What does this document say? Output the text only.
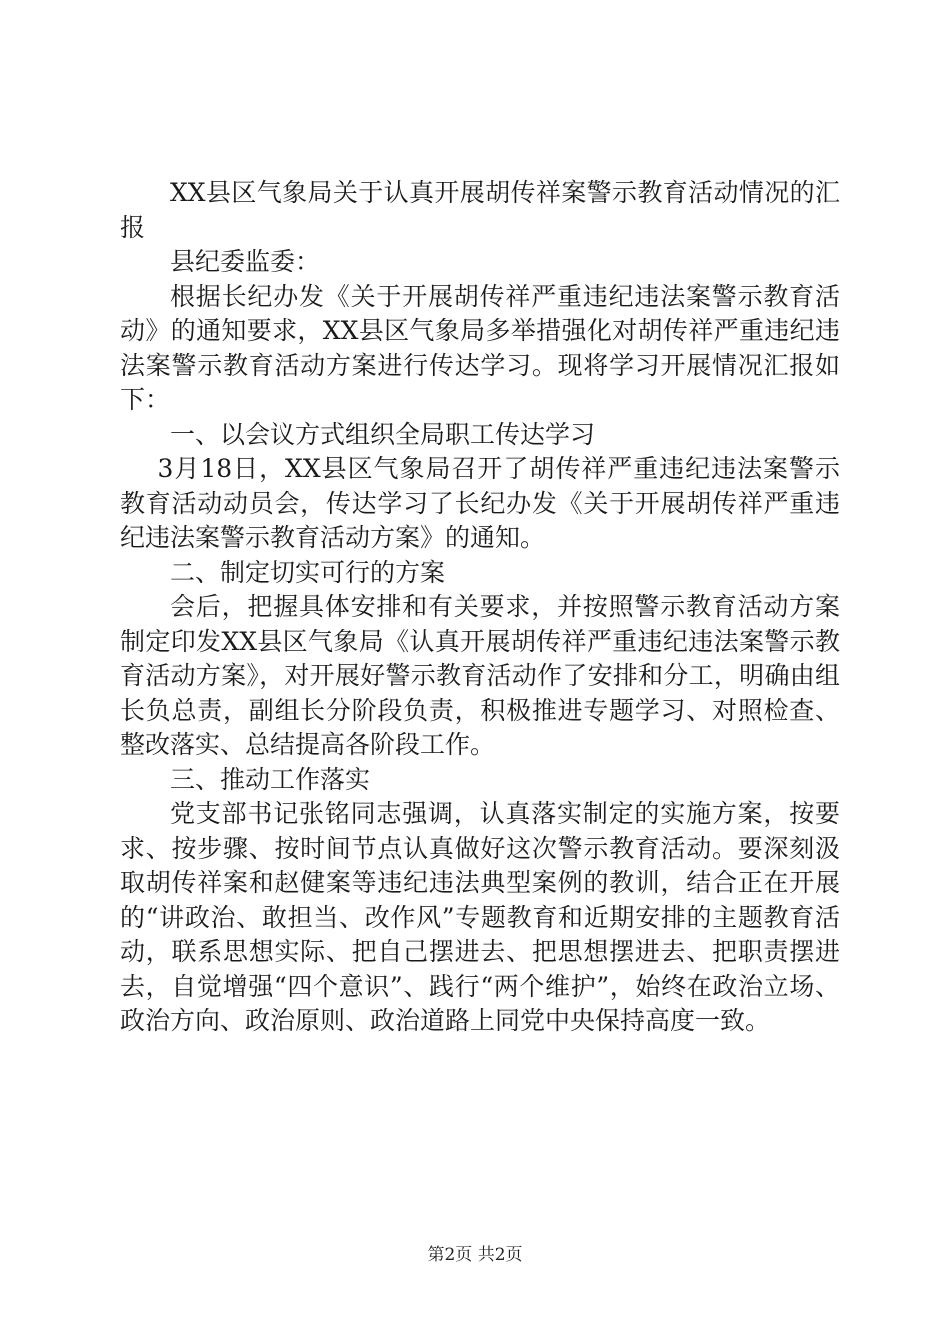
XX县区气象局关于认真开展胡传祥案警示教育活动情况的汇报

县纪委监委：

根据长纪办发《关于开展胡传祥严重违纪违法案警示教育活动》的通知要求，XX县区气象局多举措强化对胡传祥严重违纪违法案警示教育活动方案进行传达学习。现将学习开展情况汇报如下：

一、以会议方式组织全局职工传达学习

3月18日，XX县区气象局召开了胡传祥严重违纪违法案警示教育活动动员会，传达学习了长纪办发《关于开展胡传祥严重违纪违法案警示教育活动方案》的通知。

二、制定切实可行的方案

会后，把握具体安排和有关要求，并按照警示教育活动方案制定印发XX县区气象局《认真开展胡传祥严重违纪违法案警示教育活动方案》，对开展好警示教育活动作了安排和分工，明确由组长负总责，副组长分阶段负责，积极推进专题学习、对照检查、整改落实、总结提高各阶段工作。

三、推动工作落实

党支部书记张铭同志强调，认真落实制定的实施方案，按要求、按步骤、按时间节点认真做好这次警示教育活动。要深刻汲取胡传祥案和赵健案等违纪违法典型案例的教训，结合正在开展的“讲政治、敢担当、改作风”专题教育和近期安排的主题教育活动，联系思想实际、把自己摆进去、把思想摆进去、把职责摆进去，自觉增强“四个意识”、践行“两个维护”，始终在政治立场、政治方向、政治原则、政治道路上同党中央保持高度一致。

第2页 共2页
